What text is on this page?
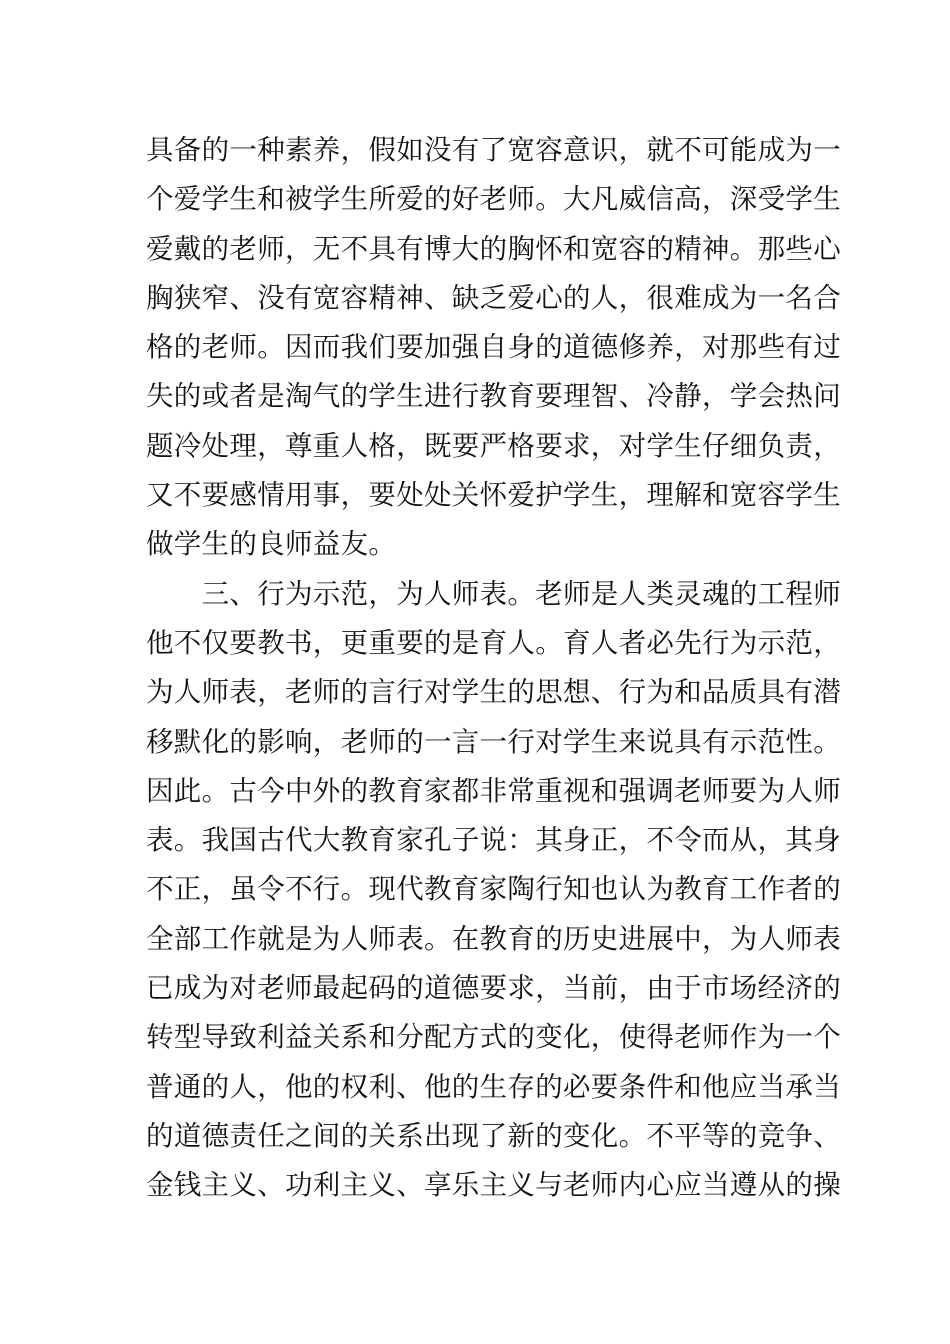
具备的一种素养，假如没有了宽容意识，就不可能成为一
个爱学生和被学生所爱的好老师。大凡威信高，深受学生
爱戴的老师，无不具有博大的胸怀和宽容的精神。那些心
胸狭窄、没有宽容精神、缺乏爱心的人，很难成为一名合
格的老师。因而我们要加强自身的道德修养，对那些有过
失的或者是淘气的学生进行教育要理智、冷静，学会热问
题冷处理，尊重人格，既要严格要求，对学生仔细负责，
又不要感情用事，要处处关怀爱护学生，理解和宽容学生
做学生的良师益友。
　　三、行为示范，为人师表。老师是人类灵魂的工程师
他不仅要教书，更重要的是育人。育人者必先行为示范，
为人师表，老师的言行对学生的思想、行为和品质具有潜
移默化的影响，老师的一言一行对学生来说具有示范性。
因此。古今中外的教育家都非常重视和强调老师要为人师
表。我国古代大教育家孔子说：其身正，不令而从，其身
不正，虽令不行。现代教育家陶行知也认为教育工作者的
全部工作就是为人师表。在教育的历史进展中，为人师表
已成为对老师最起码的道德要求，当前，由于市场经济的
转型导致利益关系和分配方式的变化，使得老师作为一个
普通的人，他的权利、他的生存的必要条件和他应当承当
的道德责任之间的关系出现了新的变化。不平等的竞争、
金钱主义、功利主义、享乐主义与老师内心应当遵从的操
